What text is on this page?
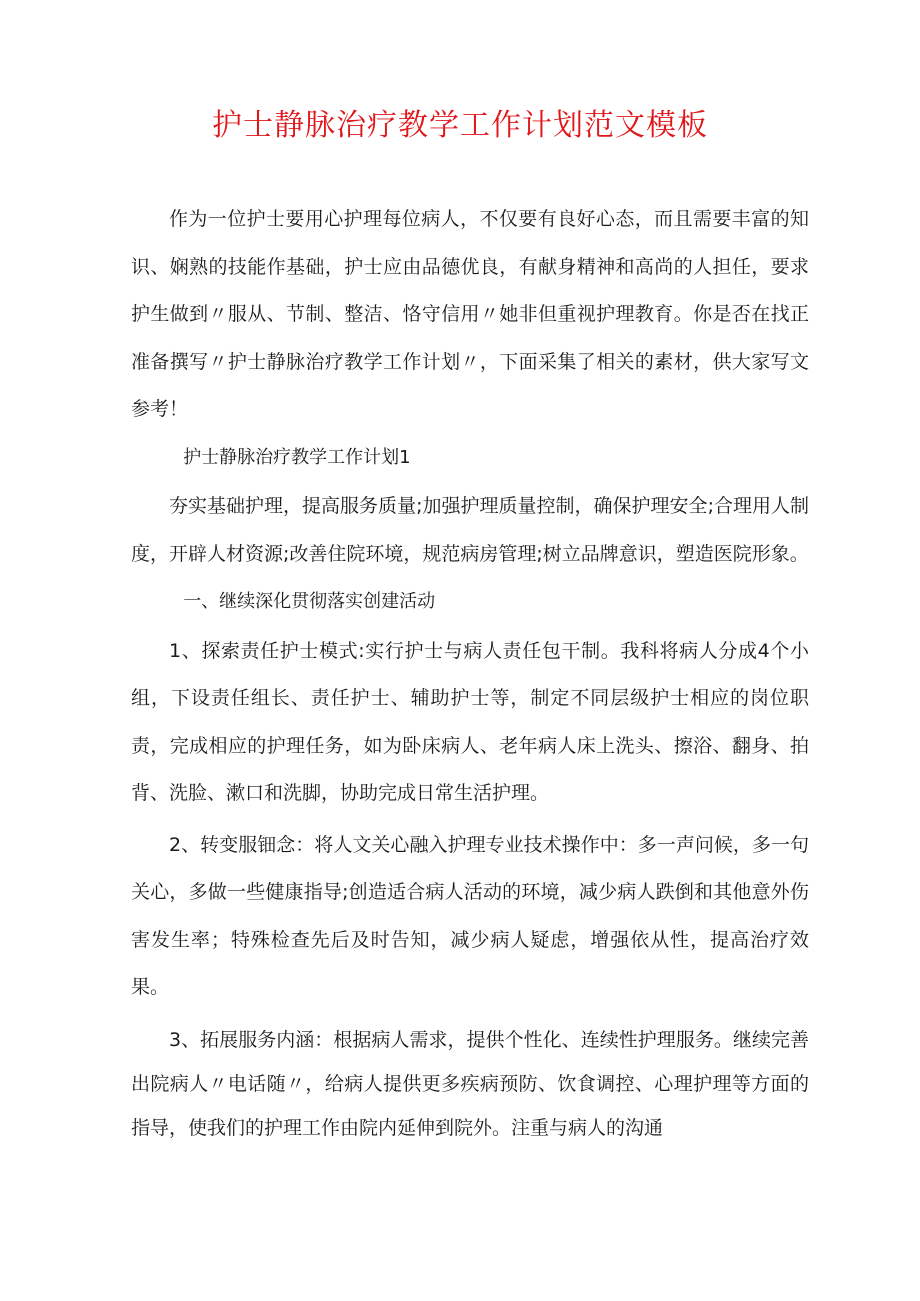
护士静脉治疗教学工作计划范文模板

作为一位护士要用心护理每位病人，不仅要有良好心态，而且需要丰富的知识、娴熟的技能作基础，护士应由品德优良，有献身精神和高尚的人担任，要求护生做到〃服从、节制、整洁、恪守信用〃她非但重视护理教育。你是否在找正准备撰写〃护士静脉治疗教学工作计划〃，下面采集了相关的素材，供大家写文参考！

护士静脉治疗教学工作计划1

夯实基础护理，提高服务质量;加强护理质量控制，确保护理安全;合理用人制度，开辟人材资源;改善住院环境，规范病房管理;树立品牌意识，塑造医院形象。

一、继续深化贯彻落实创建活动

1、探索责任护士模式:实行护士与病人责任包干制。我科将病人分成4个小组，下设责任组长、责任护士、辅助护士等，制定不同层级护士相应的岗位职责，完成相应的护理任务，如为卧床病人、老年病人床上洗头、擦浴、翻身、拍背、洗脸、漱口和洗脚，协助完成日常生活护理。

2、转变服钿念：将人文关心融入护理专业技术操作中：多一声问候，多一句关心，多做一些健康指导;创造适合病人活动的环境，减少病人跌倒和其他意外伤害发生率；特殊检查先后及时告知，减少病人疑虑，增强依从性，提高治疗效果。

3、拓展服务内涵：根据病人需求，提供个性化、连续性护理服务。继续完善出院病人〃电话随〃，给病人提供更多疾病预防、饮食调控、心理护理等方面的指导，使我们的护理工作由院内延伸到院外。注重与病人的沟通
